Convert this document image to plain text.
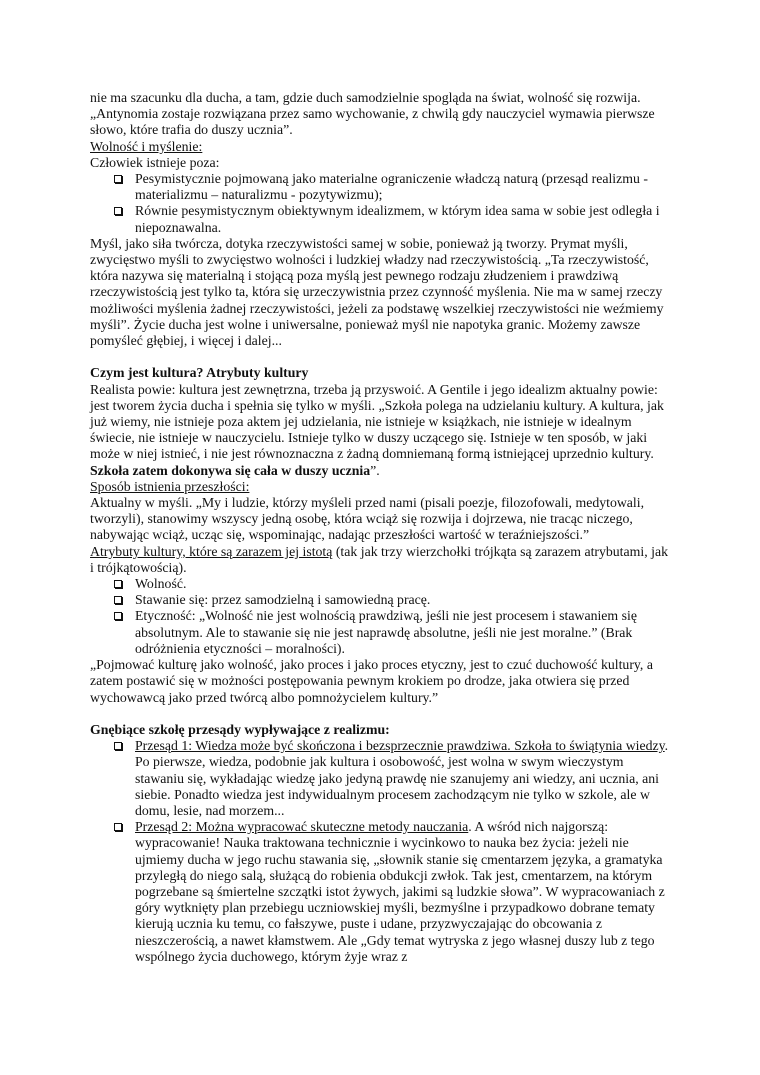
nie ma szacunku dla ducha, a tam, gdzie duch samodzielnie spogląda na świat, wolność się rozwija.

„Antynomia zostaje rozwiązana przez samo wychowanie, z chwilą gdy nauczyciel wymawia pierwsze słowo, które trafia do duszy ucznia”.

Wolność i myślenie:

Człowiek istnieje poza:

Pesymistycznie pojmowaną jako materialne ograniczenie władczą naturą (przesąd realizmu - materializmu – naturalizmu - pozytywizmu);
Równie pesymistycznym obiektywnym idealizmem, w którym idea sama w sobie jest odległa i niepoznawalna.

Myśl, jako siła twórcza, dotyka rzeczywistości samej w sobie, ponieważ ją tworzy. Prymat myśli, zwycięstwo myśli to zwycięstwo wolności i ludzkiej władzy nad rzeczywistością. „Ta rzeczywistość, która nazywa się materialną i stojącą poza myślą jest pewnego rodzaju złudzeniem i prawdziwą rzeczywistością jest tylko ta, która się urzeczywistnia przez czynność myślenia. Nie ma w samej rzeczy możliwości myślenia żadnej rzeczywistości, jeżeli za podstawę wszelkiej rzeczywistości nie weźmiemy myśli”. Życie ducha jest wolne i uniwersalne, ponieważ myśl nie napotyka granic. Możemy zawsze pomyśleć głębiej, i więcej i dalej...

Czym jest kultura? Atrybuty kultury

Realista powie: kultura jest zewnętrzna, trzeba ją przyswoić. A Gentile i jego idealizm aktualny powie: jest tworem życia ducha i spełnia się tylko w myśli. „Szkoła polega na udzielaniu kultury. A kultura, jak już wiemy, nie istnieje poza aktem jej udzielania, nie istnieje w książkach, nie istnieje w idealnym świecie, nie istnieje w nauczycielu. Istnieje tylko w duszy uczącego się. Istnieje w ten sposób, w jaki może w niej istnieć, i nie jest równoznaczna z żadną domniemaną formą istniejącej uprzednio kultury. Szkoła zatem dokonywa się cała w duszy ucznia”.

Sposób istnienia przeszłości:

Aktualny w myśli. „My i ludzie, którzy myśleli przed nami (pisali poezje, filozofowali, medytowali, tworzyli), stanowimy wszyscy jedną osobę, która wciąż się rozwija i dojrzewa, nie tracąc niczego, nabywając wciąż, ucząc się, wspominając, nadając przeszłości wartość w teraźniejszości.”

Atrybuty kultury, które są zarazem jej istotą (tak jak trzy wierzchołki trójkąta są zarazem atrybutami, jak i trójkątowością).

Wolność.
Stawanie się: przez samodzielną i samowiedną pracę.
Etyczność: „Wolność nie jest wolnością prawdziwą, jeśli nie jest procesem i stawaniem się absolutnym. Ale to stawanie się nie jest naprawdę absolutne, jeśli nie jest moralne.” (Brak odróżnienia etyczności – moralności).

„Pojmować kulturę jako wolność, jako proces i jako proces etyczny, jest to czuć duchowość kultury, a zatem postawić się w możności postępowania pewnym krokiem po drodze, jaka otwiera się przed wychowawcą jako przed twórcą albo pomnożycielem kultury.”

Gnębiące szkołę przesądy wypływające z realizmu:

Przesąd 1: Wiedza może być skończona i bezsprzecznie prawdziwa. Szkoła to świątynia wiedzy. Po pierwsze, wiedza, podobnie jak kultura i osobowość, jest wolna w swym wieczystym stawaniu się, wykładając wiedzę jako jedyną prawdę nie szanujemy ani wiedzy, ani ucznia, ani siebie. Ponadto wiedza jest indywidualnym procesem zachodzącym nie tylko w szkole, ale w domu, lesie, nad morzem...
Przesąd 2: Można wypracować skuteczne metody nauczania. A wśród nich najgorszą: wypracowanie! Nauka traktowana technicznie i wycinkowo to nauka bez życia: jeżeli nie ujmiemy ducha w jego ruchu stawania się, „słownik stanie się cmentarzem języka, a gramatyka przyległą do niego salą, służącą do robienia obdukcji zwłok. Tak jest, cmentarzem, na którym pogrzebane są śmiertelne szczątki istot żywych, jakimi są ludzkie słowa”. W wypracowaniach z góry wytknięty plan przebiegu uczniowskiej myśli, bezmyślne i przypadkowo dobrane tematy kierują ucznia ku temu, co fałszywe, puste i udane, przyzwyczajając do obcowania z nieszczerością, a nawet kłamstwem. Ale „Gdy temat wytryska z jego własnej duszy lub z tego wspólnego życia duchowego, którym żyje wraz z
